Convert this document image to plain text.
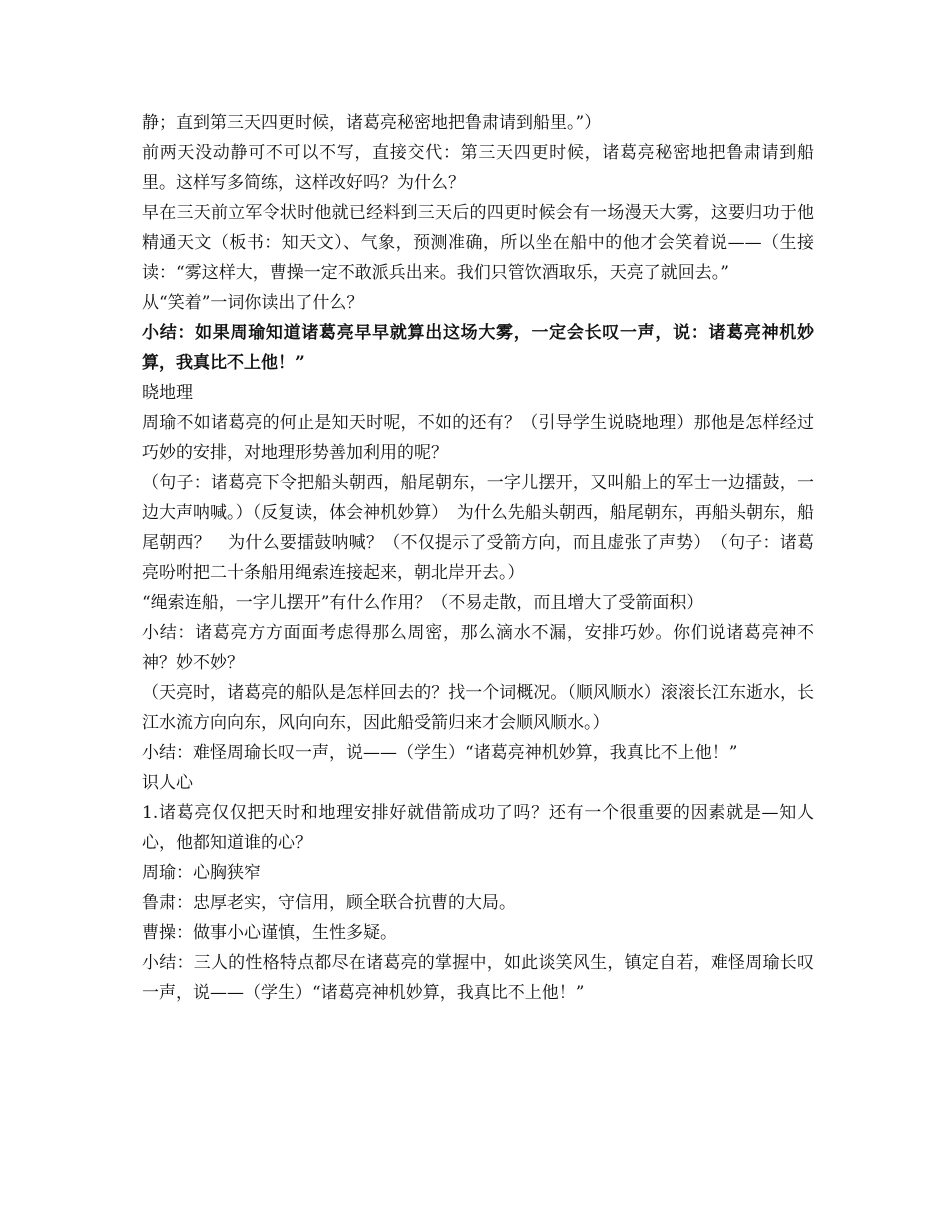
静；直到第三天四更时候，诸葛亮秘密地把鲁肃请到船里。”）

前两天没动静可不可以不写，直接交代：第三天四更时候，诸葛亮秘密地把鲁肃请到船里。这样写多简练，这样改好吗？为什么？

早在三天前立军令状时他就已经料到三天后的四更时候会有一场漫天大雾，这要归功于他精通天文（板书：知天文）、气象，预测准确，所以坐在船中的他才会笑着说——（生接读：“雾这样大，曹操一定不敢派兵出来。我们只管饮酒取乐，天亮了就回去。”

从“笑着”一词你读出了什么？

小结：如果周瑜知道诸葛亮早早就算出这场大雾，一定会长叹一声，说：诸葛亮神机妙算，我真比不上他！”

晓地理

周瑜不如诸葛亮的何止是知天时呢，不如的还有？（引导学生说晓地理）那他是怎样经过巧妙的安排，对地理形势善加利用的呢？

（句子：诸葛亮下令把船头朝西，船尾朝东，一字儿摆开，又叫船上的军士一边擂鼓，一边大声呐喊。）（反复读，体会神机妙算）　为什么先船头朝西，船尾朝东，再船头朝东，船尾朝西？　为什么要擂鼓呐喊？（不仅提示了受箭方向，而且虚张了声势）　（句子：诸葛亮吩咐把二十条船用绳索连接起来，朝北岸开去。）

“绳索连船，一字儿摆开”有什么作用？（不易走散，而且增大了受箭面积）

小结：诸葛亮方方面面考虑得那么周密，那么滴水不漏，安排巧妙。你们说诸葛亮神不神？妙不妙？

（天亮时，诸葛亮的船队是怎样回去的？找一个词概况。（顺风顺水）滚滚长江东逝水，长江水流方向向东，风向向东，因此船受箭归来才会顺风顺水。）

小结：难怪周瑜长叹一声，说——（学生）“诸葛亮神机妙算，我真比不上他！”

识人心

1.诸葛亮仅仅把天时和地理安排好就借箭成功了吗？还有一个很重要的因素就是—知人心，他都知道谁的心？

周瑜：心胸狭窄

鲁肃：忠厚老实，守信用，顾全联合抗曹的大局。

曹操：做事小心谨慎，生性多疑。

小结：三人的性格特点都尽在诸葛亮的掌握中，如此谈笑风生，镇定自若，难怪周瑜长叹一声，说——（学生）“诸葛亮神机妙算，我真比不上他！”
